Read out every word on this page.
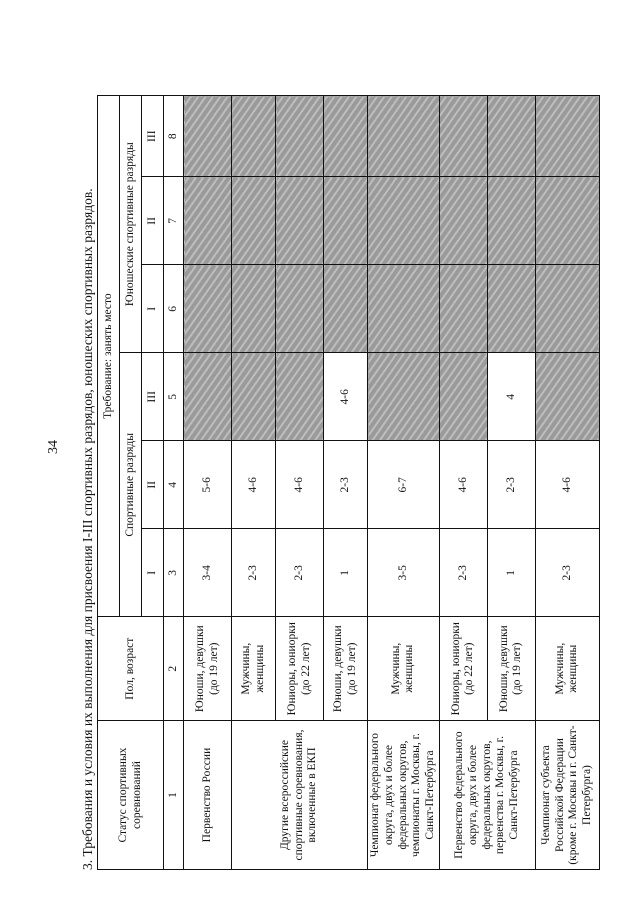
34 3. Требования и условия их выполнения для присвоения I-III спортивных разрядов, юношеских спортивных разрядов. Статус спортивных соревнований	Пол, возраст	Требование: занять место					
		Спортивные разряды			Юношеские спортивные разряды		
		I	II	III	I	II	III
1	2	3	4	5	6	7	8
Первенство России	Юноши, девушки (до 19 лет)	3-4	5-6				
Другие всероссийские спортивные соревнования, включенные в ЕКП	Мужчины, женщины	2-3	4-6				
	Юниоры, юниорки (до 22 лет)	2-3	4-6				
	Юноши, девушки (до 19 лет)	1	2-3	4-6			
Чемпионат федерального округа, двух и более федеральных округов, чемпионаты г. Москвы, г. Санкт-Петербурга	Мужчины, женщины	3-5	6-7				
Первенство федерального округа, двух и более федеральных округов, первенства г. Москвы, г. Санкт-Петербурга	Юниоры, юниорки (до 22 лет)	2-3	4-6				
	Юноши, девушки (до 19 лет)	1	2-3	4			
Чемпионат субъекта Российской Федерации (кроме г. Москвы и г. Санкт-Петербурга)	Мужчины, женщины	2-3	4-6				
